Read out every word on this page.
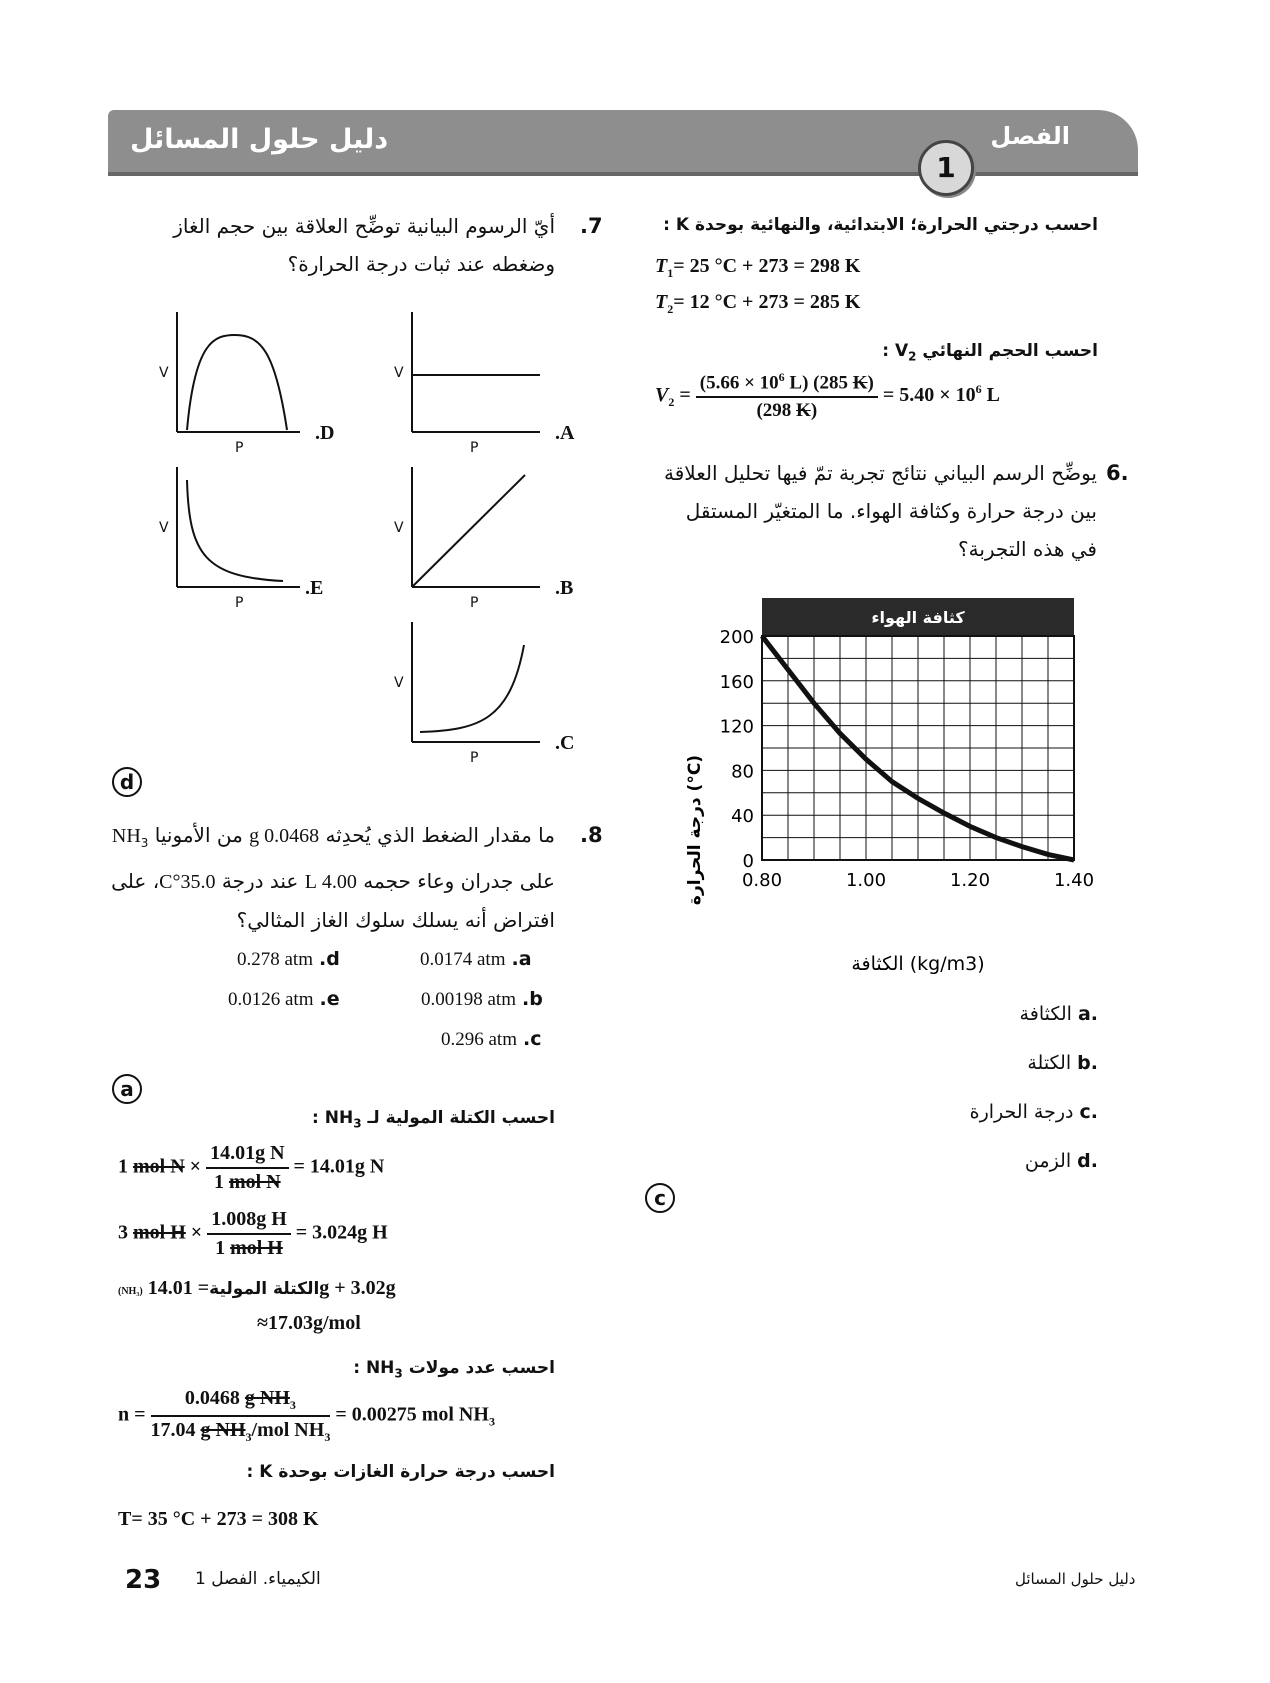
دليل حلول المسائل	الفصل
1
احسب درجتي الحرارة؛ الابتدائية، والنهائية بوحدة K :
$T_1= 25$ °C + 273 = 298 K
$T_2= 12$ °C + 273 = 285 K
احسب الحجم النهائي $V_2$ :
$V_2 = \frac{(5.66 \times 10^6 L) (285 K)}{(298 K)} = 5.40 \times 10^6$ L
6.
يوضِّح الرسم البياني نتائج تجربة تمّ فيها تحليل العلاقة بين درجة حرارة وكثافة الهواء. ما المتغيّر المستقل في هذه التجربة؟
كثافة الهواء
0
40
80
120
160
200
0.80	1.00	1.20	1.40
الكثافة (kg/m3)
درجة الحرارة (°C)
.a الكثافة
.b الكتلة
.c درجة الحرارة
.d الزمن
c
.7
أيّ الرسوم البيانية توضِّح العلاقة بين حجم الغاز وضغطه عند ثبات درجة الحرارة؟
V
P
.D
V
P
.A
V
P
.E
V
P
.B
V
P
.C
d
.8
ما مقدار الضغط الذي يُحدِثه 0.0468 g من الأمونيا $NH_3$
على جدران وعاء حجمه 4.00 L عند درجة 35.0°C، على
افتراض أنه يسلك سلوك الغاز المثالي؟
0.0174 atm .a
0.278 atm .d
0.00198 atm .b
0.0126 atm .e
0.296 atm .c
a
احسب الكتلة المولية لـ $NH_3$ :
1 mol $N \times \frac{\text{14.01g N}}{\text{1 mol N}} = 14.01g$ N
3 mol $H \times \frac{\text{1.008g H}}{\text{1 mol H}} = 3.024g$ H
(NH₃)	الكتلة المولية= 14.01g + 3.02g
≈17.03g/mol
احسب عدد مولات $NH_3$ :
$n = \frac{0.0468 g NH_3}{17.04 g NH_3/mol NH_3} = 0.00275$ mol $NH_3$
احسب درجة حرارة الغازات بوحدة K :
T= 35 °C + 273 = 308 K
23 الكيمياء. الفصل 1	دليل حلول المسائل
